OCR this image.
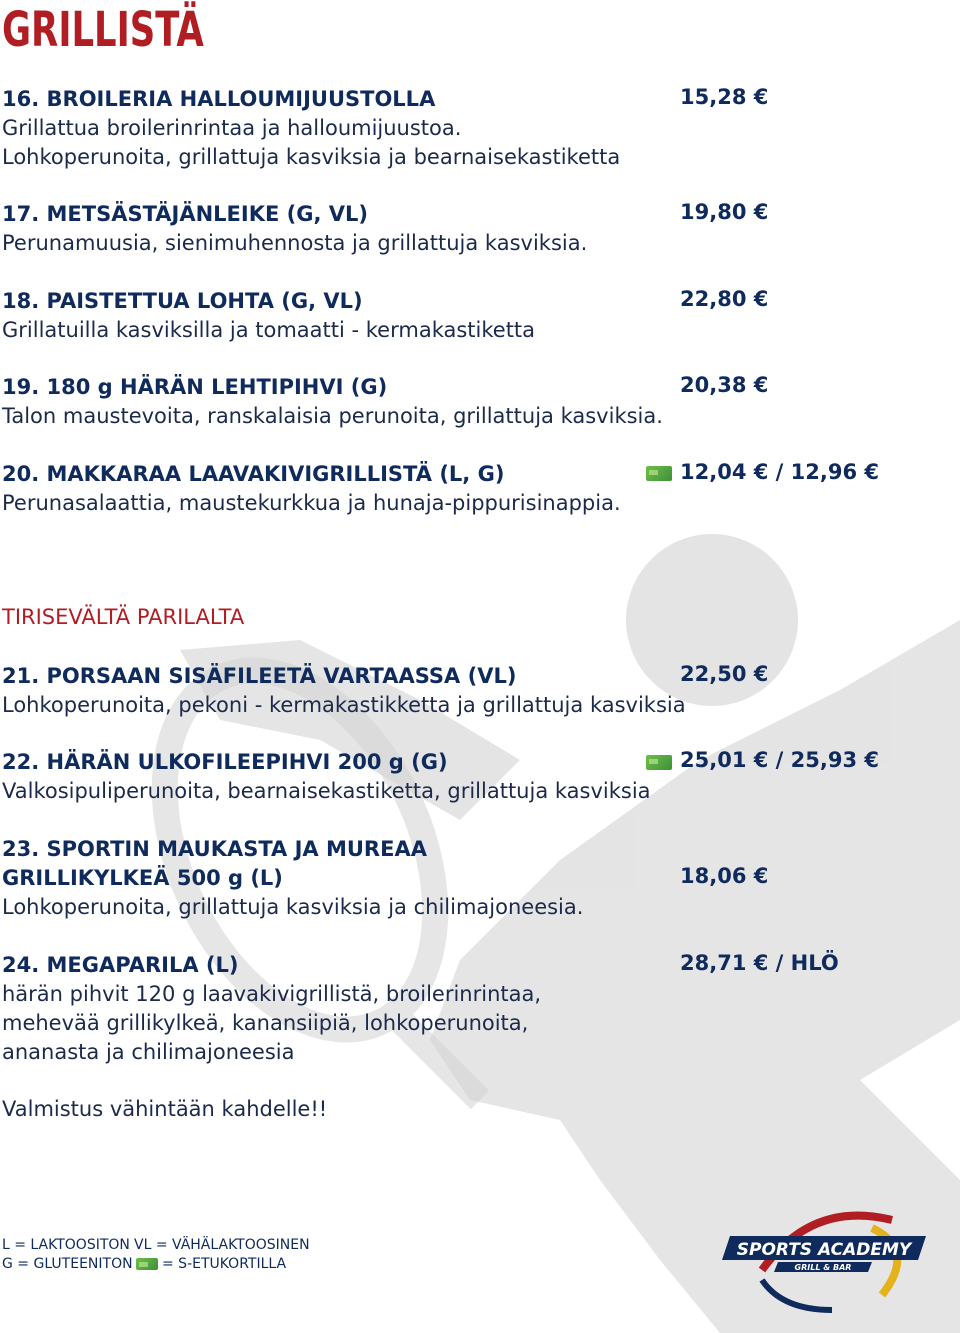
GRILLISTÄ
16. BROILERIA HALLOUMIJUUSTOLLA	15,28 €
Grillattua broilerinrintaa ja halloumijuustoa.
Lohkoperunoita, grillattuja kasviksia ja bearnaisekastiketta
17. METSÄSTÄJÄNLEIKE (G, VL)	19,80 €
Perunamuusia, sienimuhennosta ja grillattuja kasviksia.
18. PAISTETTUA LOHTA (G, VL)	22,80 €
Grillatuilla kasviksilla ja tomaatti - kermakastiketta
19. 180 g HÄRÄN LEHTIPIHVI (G)	20,38 €
Talon maustevoita, ranskalaisia perunoita, grillattuja kasviksia.
20. MAKKARAA LAAVAKIVIGRILLISTÄ (L, G)	12,04 € / 12,96 €
Perunasalaattia, maustekurkkua ja hunaja-pippurisinappia.
TIRISEVÄLTÄ PARILALTA
21. PORSAAN SISÄFILEETÄ VARTAASSA (VL)	22,50 €
Lohkoperunoita, pekoni - kermakastikketta ja grillattuja kasviksia
22. HÄRÄN ULKOFILEEPIHVI 200 g (G)	25,01 € / 25,93 €
Valkosipuliperunoita, bearnaisekastiketta, grillattuja kasviksia
23. SPORTIN MAUKASTA JA MUREAA
GRILLIKYLKEÄ 500 g (L)	18,06 €
Lohkoperunoita, grillattuja kasviksia ja chilimajoneesia.
24. MEGAPARILA (L)	28,71 € / HLÖ
härän pihvit 120 g laavakivigrillistä, broilerinrintaa,
mehevää grillikylkeä, kanansiipiä, lohkoperunoita,
ananasta ja chilimajoneesia
Valmistus vähintään kahdelle!!
L = LAKTOOSITON VL = VÄHÄLAKTOOSINEN
G = GLUTEENITON = S-ETUKORTILLA
SPORTS ACADEMY
GRILL & BAR
